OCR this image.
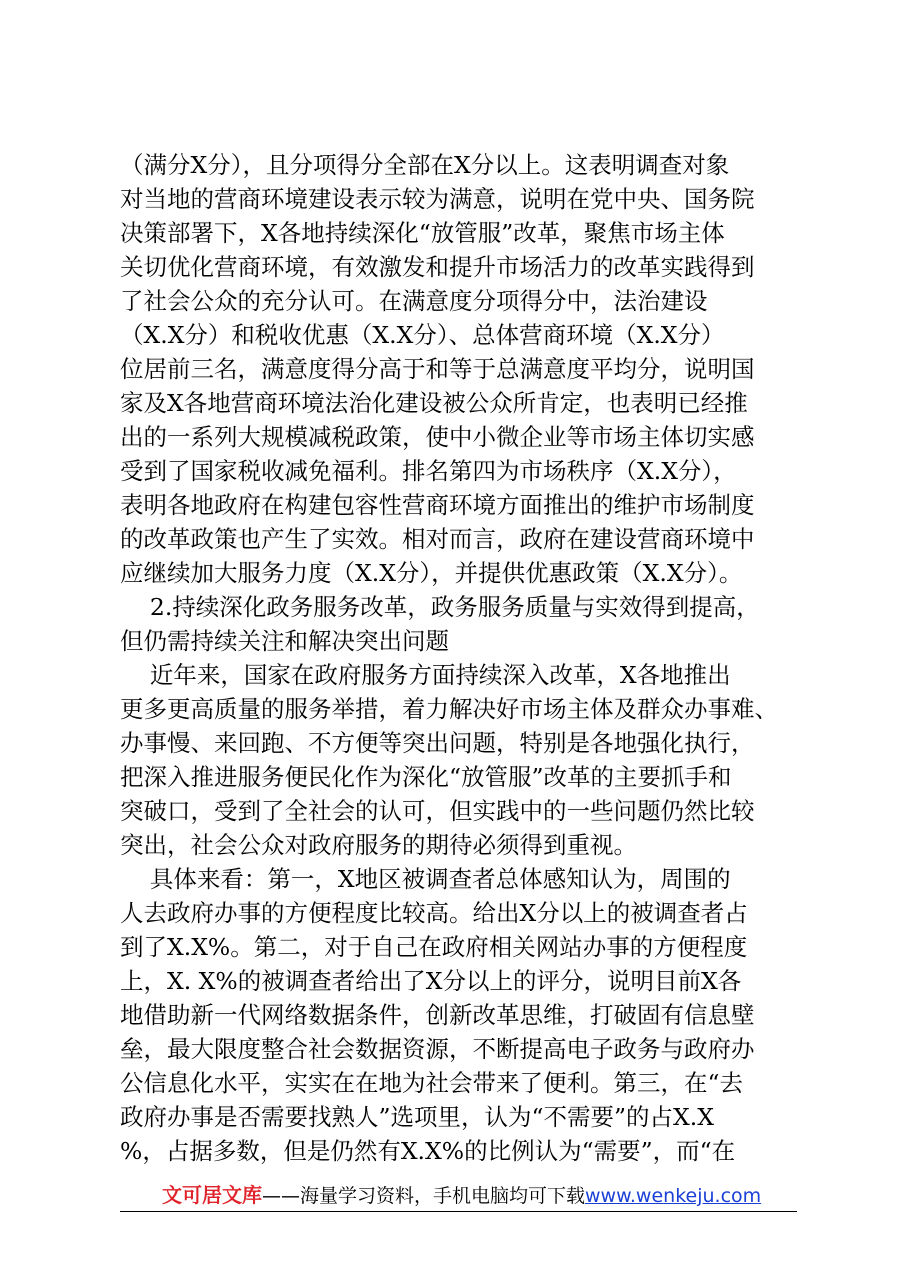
（满分X分），且分项得分全部在X分以上。这表明调查对象
对当地的营商环境建设表示较为满意，说明在党中央、国务院
决策部署下，X各地持续深化“放管服”改革，聚焦市场主体
关切优化营商环境，有效激发和提升市场活力的改革实践得到
了社会公众的充分认可。在满意度分项得分中，法治建设
（X.X分）和税收优惠（X.X分）、总体营商环境（X.X分）
位居前三名，满意度得分高于和等于总满意度平均分，说明国
家及X各地营商环境法治化建设被公众所肯定，也表明已经推
出的一系列大规模减税政策，使中小微企业等市场主体切实感
受到了国家税收减免福利。排名第四为市场秩序（X.X分），
表明各地政府在构建包容性营商环境方面推出的维护市场制度
的改革政策也产生了实效。相对而言，政府在建设营商环境中
应继续加大服务力度（X.X分），并提供优惠政策（X.X分）。
2.持续深化政务服务改革，政务服务质量与实效得到提高，
但仍需持续关注和解决突出问题
近年来，国家在政府服务方面持续深入改革，X各地推出
更多更高质量的服务举措，着力解决好市场主体及群众办事难、
办事慢、来回跑、不方便等突出问题，特别是各地强化执行，
把深入推进服务便民化作为深化“放管服”改革的主要抓手和
突破口，受到了全社会的认可，但实践中的一些问题仍然比较
突出，社会公众对政府服务的期待必须得到重视。
具体来看：第一，X地区被调查者总体感知认为，周围的
人去政府办事的方便程度比较高。给出X分以上的被调查者占
到了X.X%。第二，对于自己在政府相关网站办事的方便程度
上，X. X%的被调查者给出了X分以上的评分，说明目前X各
地借助新一代网络数据条件，创新改革思维，打破固有信息壁
垒，最大限度整合社会数据资源，不断提高电子政务与政府办
公信息化水平，实实在在地为社会带来了便利。第三，在“去
政府办事是否需要找熟人”选项里，认为“不需要”的占X.X
%，占据多数，但是仍然有X.X%的比例认为“需要”，而“在
文可居文库——海量学习资料，手机电脑均可下载www.wenkeju.com
